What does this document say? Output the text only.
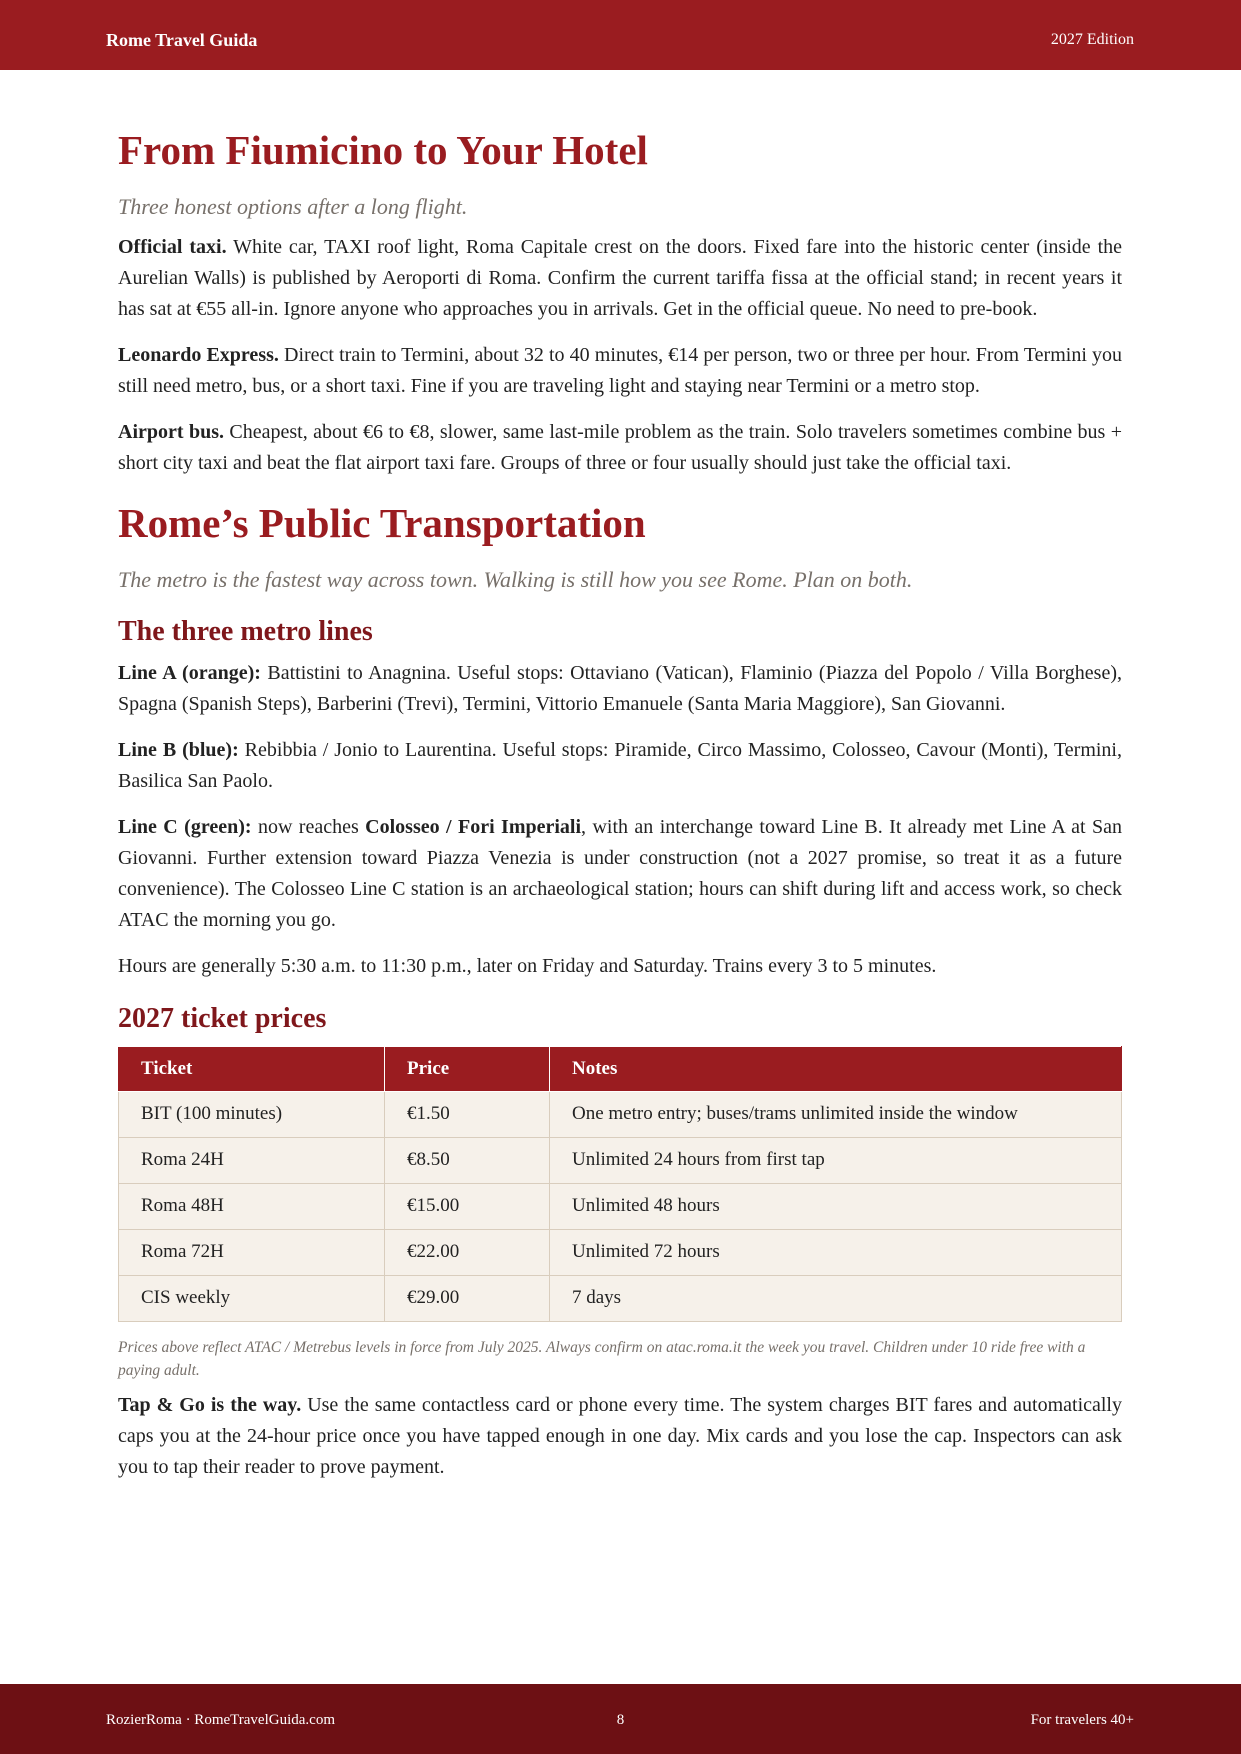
Rome Travel Guida	2027 Edition
From Fiumicino to Your Hotel
Three honest options after a long flight.

Official taxi. White car, TAXI roof light, Roma Capitale crest on the doors. Fixed fare into the historic center (inside the Aurelian Walls) is published by Aeroporti di Roma. Confirm the current tariffa fissa at the official stand; in recent years it has sat at €55 all-in. Ignore anyone who approaches you in arrivals. Get in the official queue. No need to pre-book.

Leonardo Express. Direct train to Termini, about 32 to 40 minutes, €14 per person, two or three per hour. From Termini you still need metro, bus, or a short taxi. Fine if you are traveling light and staying near Termini or a metro stop.

Airport bus. Cheapest, about €6 to €8, slower, same last-mile problem as the train. Solo travelers sometimes combine bus + short city taxi and beat the flat airport taxi fare. Groups of three or four usually should just take the official taxi.

Rome’s Public Transportation
The metro is the fastest way across town. Walking is still how you see Rome. Plan on both.
The three metro lines

Line A (orange): Battistini to Anagnina. Useful stops: Ottaviano (Vatican), Flaminio (Piazza del Popolo / Villa Borghese), Spagna (Spanish Steps), Barberini (Trevi), Termini, Vittorio Emanuele (Santa Maria Maggiore), San Giovanni.

Line B (blue): Rebibbia / Jonio to Laurentina. Useful stops: Piramide, Circo Massimo, Colosseo, Cavour (Monti), Termini, Basilica San Paolo.

Line C (green): now reaches Colosseo / Fori Imperiali, with an interchange toward Line B. It already met Line A at San Giovanni. Further extension toward Piazza Venezia is under construction (not a 2027 promise, so treat it as a future convenience). The Colosseo Line C station is an archaeological station; hours can shift during lift and access work, so check ATAC the morning you go.

Hours are generally 5:30 a.m. to 11:30 p.m., later on Friday and Saturday. Trains every 3 to 5 minutes.

2027 ticket prices
Ticket	Price	Notes
BIT (100 minutes)	€1.50	One metro entry; buses/trams unlimited inside the window
Roma 24H	€8.50	Unlimited 24 hours from first tap
Roma 48H	€15.00	Unlimited 48 hours
Roma 72H	€22.00	Unlimited 72 hours
CIS weekly	€29.00	7 days
Prices above reflect ATAC / Metrebus levels in force from July 2025. Always confirm on atac.roma.it the week you travel. Children under 10 ride free with a paying adult.

Tap & Go is the way. Use the same contactless card or phone every time. The system charges BIT fares and automatically caps you at the 24-hour price once you have tapped enough in one day. Mix cards and you lose the cap. Inspectors can ask you to tap their reader to prove payment.

RozierRoma · RomeTravelGuida.com	8	For travelers 40+
